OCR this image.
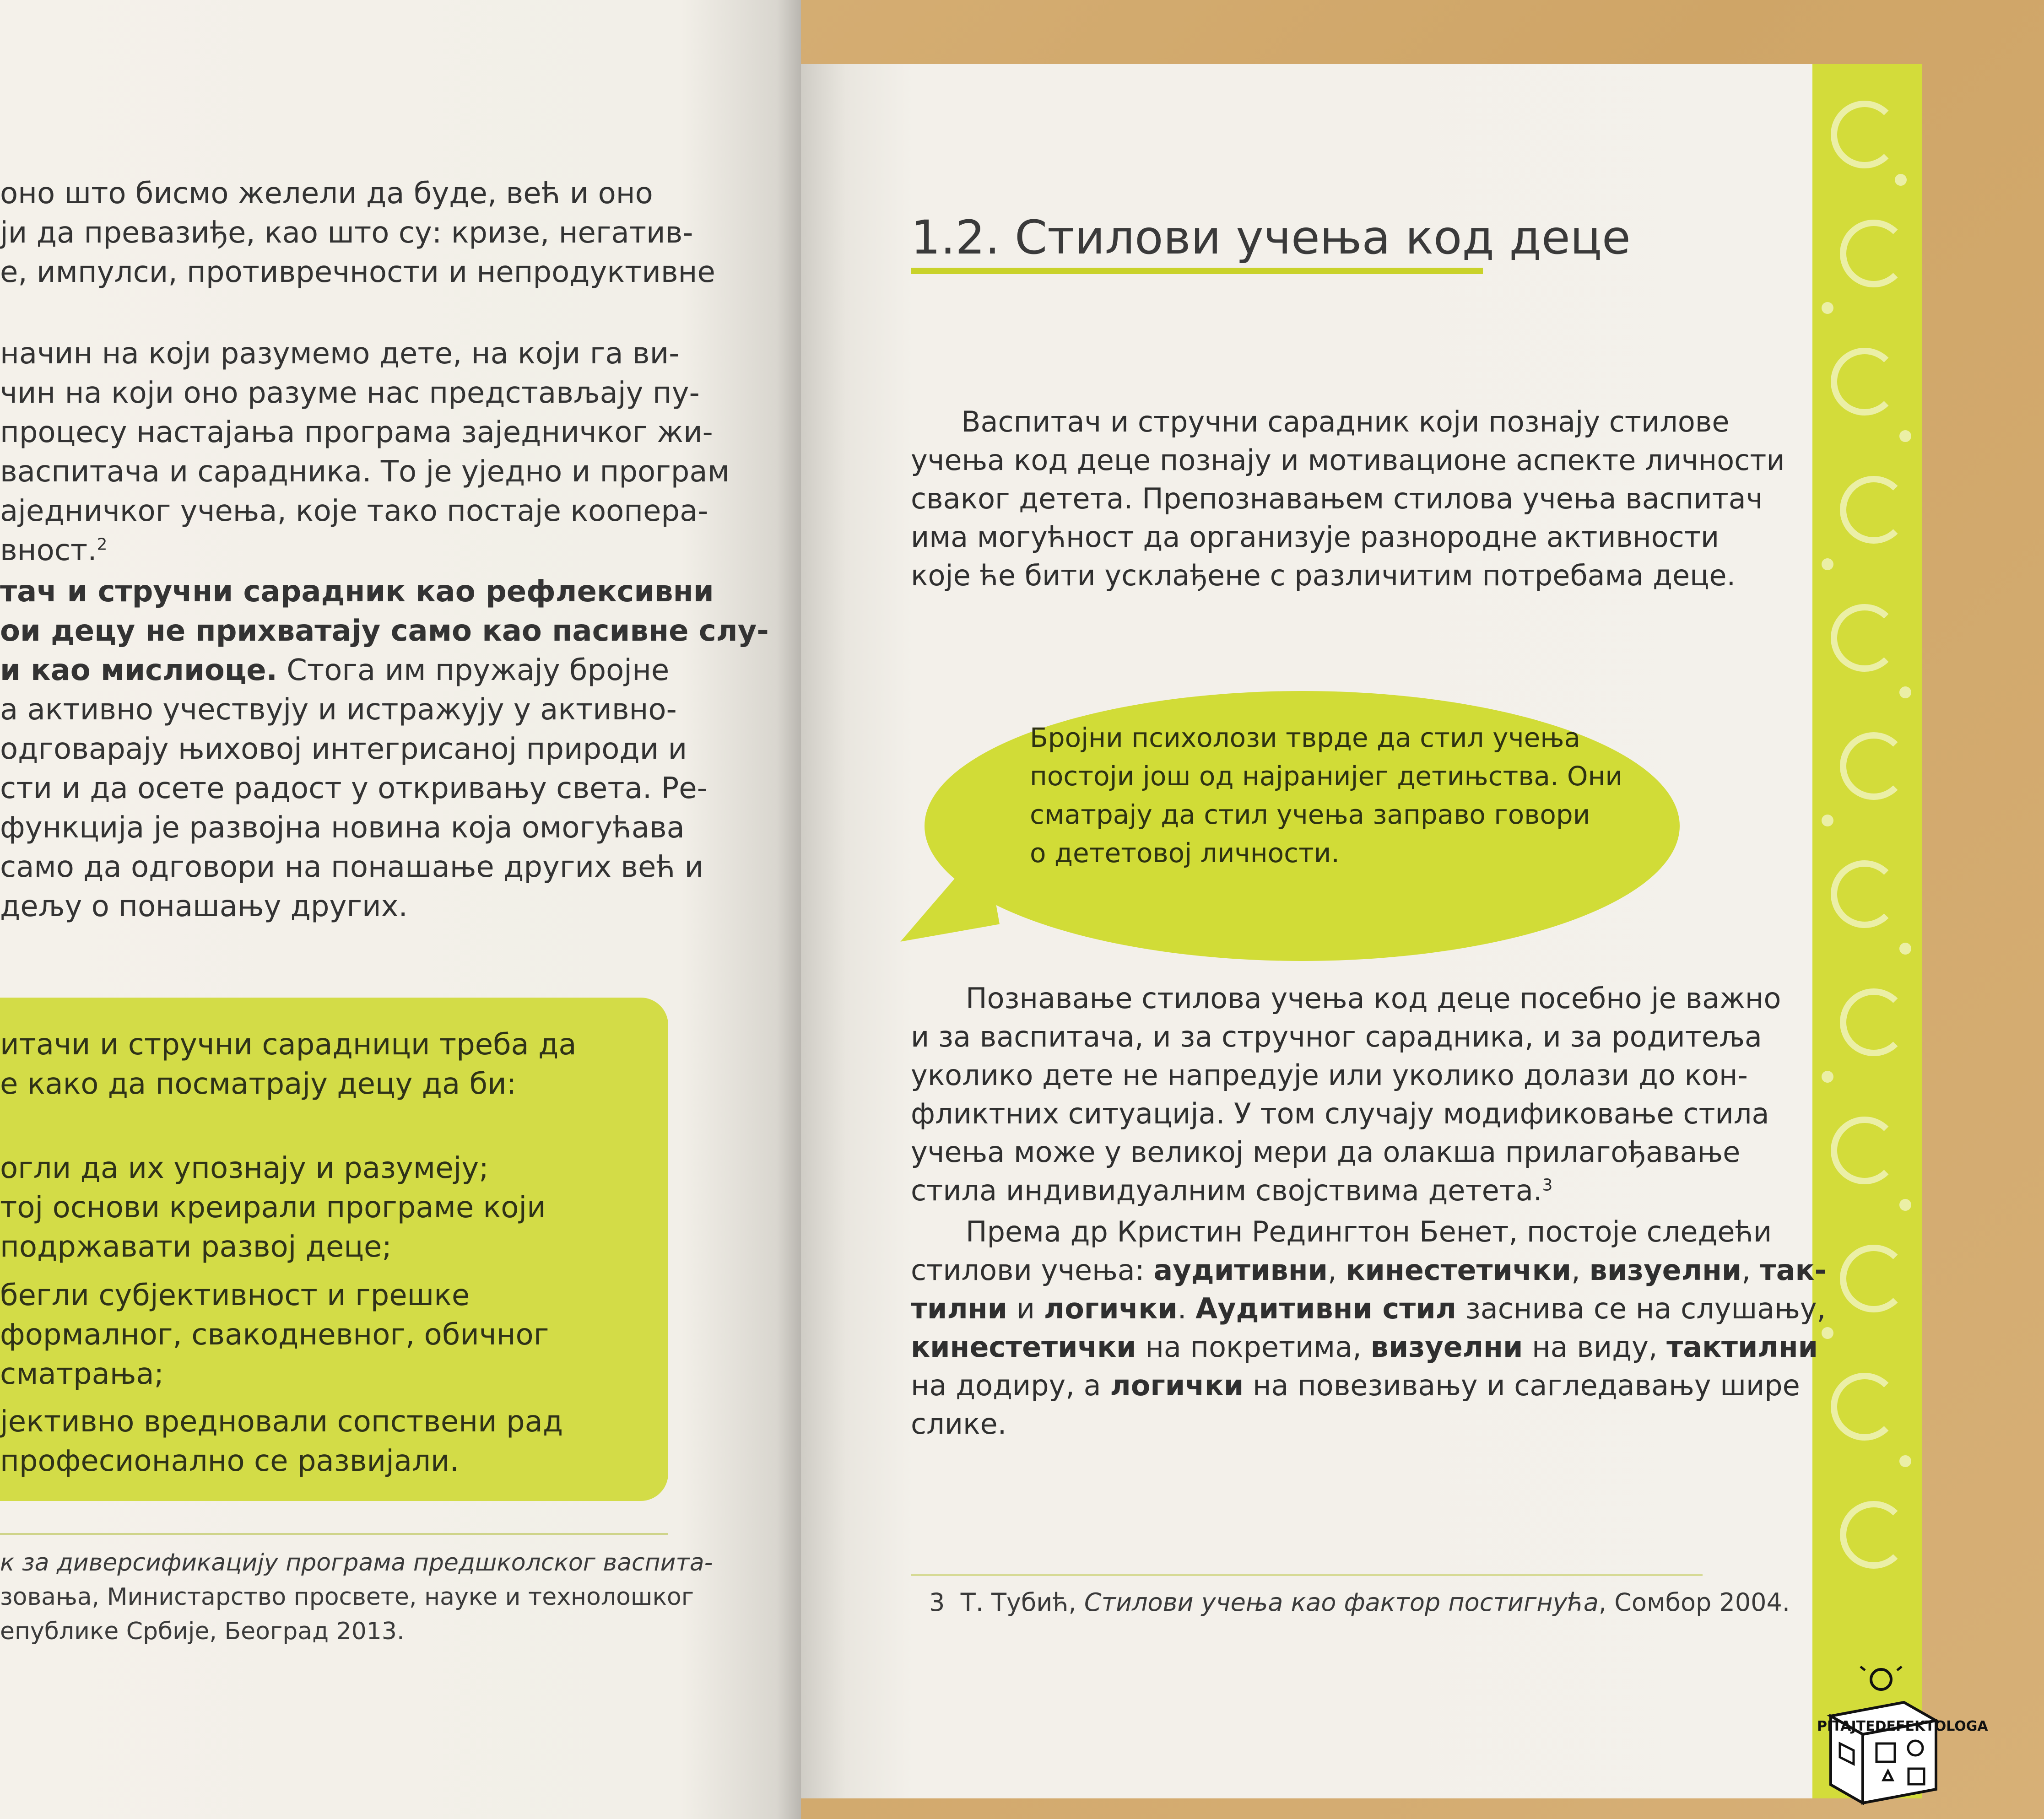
оно што бисмо желели да буде, већ и оно
ји да превазиђе, као што су: кризе, негатив-
е, импулси, противречности и непродуктивне
начин на који разумемо дете, на који га ви-
чин на који оно разуме нас представљају пу-
процесу настајања програма заједничког жи-
васпитача и сарадника. То је уједно и програм
аједничког учења, које тако постаје коопера-
вност.$^2$
тач и стручни сарадник као рефлексивни
ои децу не прихватају само као пасивне слу-
и као мислиоце. Стога им пружају бројне
а активно учествују и истражују у активно-
одговарају њиховој интегрисаној природи и
сти и да осете радост у откривању света. Ре-
функција је развојна новина која омогућава
само да одговори на понашање других већ и
дељу о понашању других.
итачи и стручни сарадници треба да
е како да посматрају децу да би:
огли да их упознају и разумеју;
тој основи креирали програме који
подржавати развој деце;
бегли субјективност и грешке
формалног, свакодневног, обичног
сматрања;
јективно вредновали сопствени рад
професионално се развијали.
к за диверсификацију програма предшколског васпита-
зовања, Министарство просвете, науке и технолошког
епублике Србије, Београд 2013.
1.2. Стилови учења код деце
Васпитач и стручни сарадник који познају стилове
учења код деце познају и мотивационе аспекте личности
сваког детета. Препознавањем стилова учења васпитач
има могућност да организује разнородне активности
које ће бити усклађене с различитим потребама деце.
Бројни психолози тврде да стил учења
постоји још од најранијег детињства. Они
сматрају да стил учења заправо говори
о дететовој личности.
Познавање стилова учења код деце посебно је важно
и за васпитача, и за стручног сарадника, и за родитеља
уколико дете не напредује или уколико долази до кон-
фликтних ситуација. У том случају модификовање стила
учења може у великој мери да олакша прилагођавање
стила индивидуалним својствима детета.$^3$
Према др Кристин Редингтон Бенет, постоје следећи
стилови учења: аудитивни, кинестетички, визуелни, так-
тилни и логички. Аудитивни стил заснива се на слушању,
кинестетички на покретима, визуелни на виду, тактилни
на додиру, а логички на повезивању и сагледавању шире
слике.
3 Т. Тубић, Стилови учења као фактор постигнућа, Сомбор 2004.
PITAJTEDEFEKTOLOGA
